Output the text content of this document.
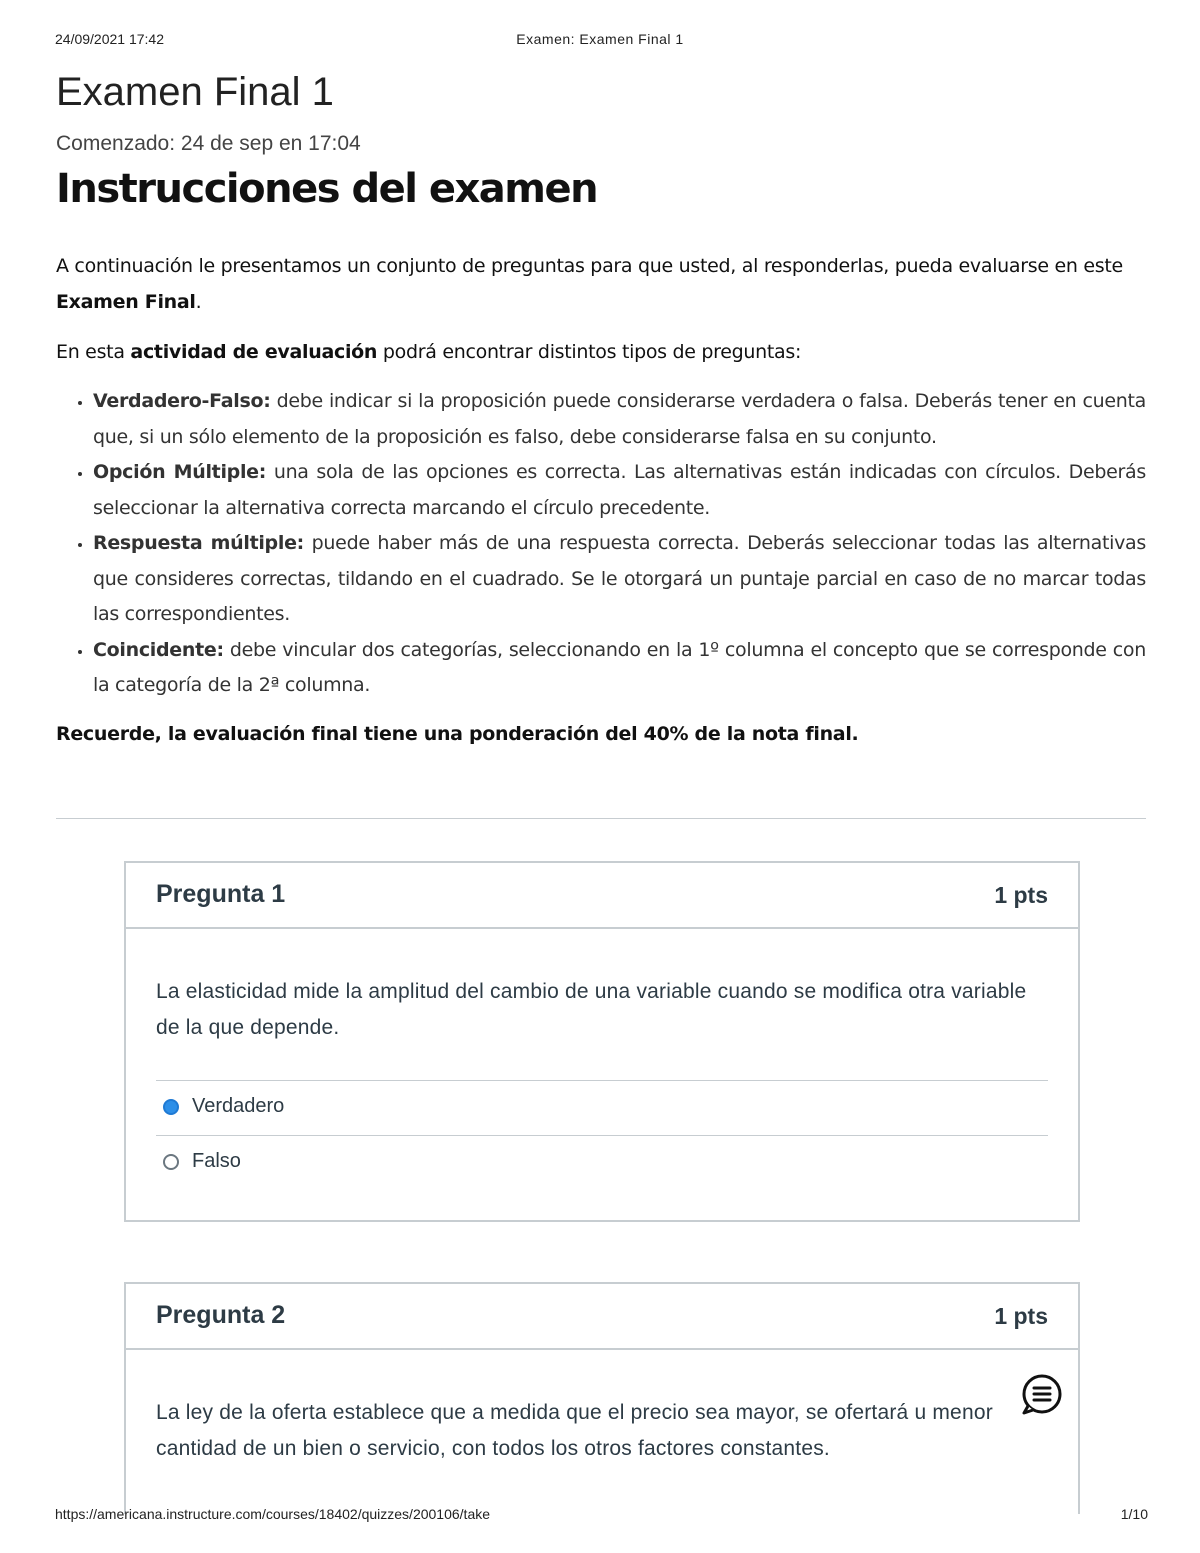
24/09/2021 17:42	Examen: Examen Final 1
Examen Final 1
Comenzado: 24 de sep en 17:04
Instrucciones del examen
A continuación le presentamos un conjunto de preguntas para que usted, al responderlas, pueda evaluarse en este Examen Final.
En esta actividad de evaluación podrá encontrar distintos tipos de preguntas:
• Verdadero-Falso: debe indicar si la proposición puede considerarse verdadera o falsa. Deberás tener en cuenta que, si un sólo elemento de la proposición es falso, debe considerarse falsa en su conjunto.
• Opción Múltiple: una sola de las opciones es correcta. Las alternativas están indicadas con círculos. Deberás seleccionar la alternativa correcta marcando el círculo precedente.
• Respuesta múltiple: puede haber más de una respuesta correcta. Deberás seleccionar todas las alternativas que consideres correctas, tildando en el cuadrado. Se le otorgará un puntaje parcial en caso de no marcar todas las correspondientes.
• Coincidente: debe vincular dos categorías, seleccionando en la 1º columna el concepto que se corresponde con la categoría de la 2ª columna.
Recuerde, la evaluación final tiene una ponderación del 40% de la nota final.
Pregunta 1	1 pts
La elasticidad mide la amplitud del cambio de una variable cuando se modifica otra variable de la que depende.
Verdadero
Falso
Pregunta 2	1 pts
La ley de la oferta establece que a medida que el precio sea mayor, se ofertará u menor cantidad de un bien o servicio, con todos los otros factores constantes.
https://americana.instructure.com/courses/18402/quizzes/200106/take	1/10
